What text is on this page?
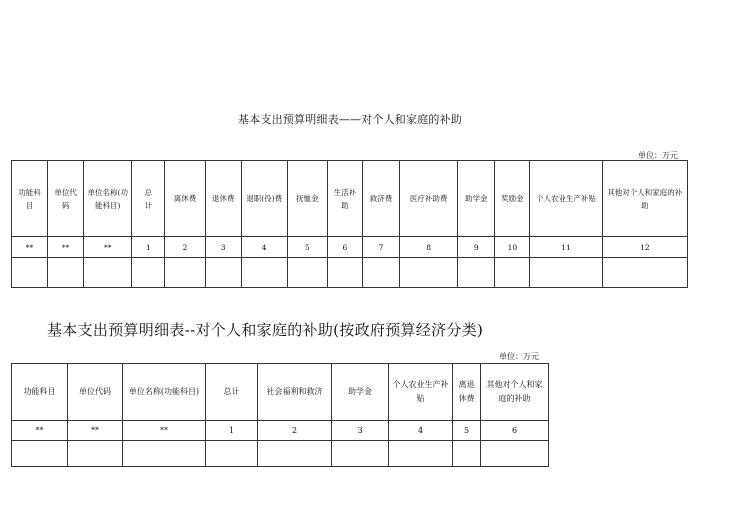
基本支出预算明细表——对个人和家庭的补助
单位：万元
功能科目	单位代码	单位名称(功能科目)	总计	离休费	退休费	退职(役)费	抚恤金	生活补助	救济费	医疗补助费	助学金	奖励金	个人农业生产补贴	其他对个人和家庭的补助

**	**	**	1	2	3	4	5	6	7	8	9	10	11	12

基本支出预算明细表--对个人和家庭的补助(按政府预算经济分类)
单位：万元
功能科目	单位代码	单位名称(功能科目)	总计	社会福利和救济	助学金	个人农业生产补贴	离退休费	其他对个人和家庭的补助

**	**	**	1	2	3	4	5	6
